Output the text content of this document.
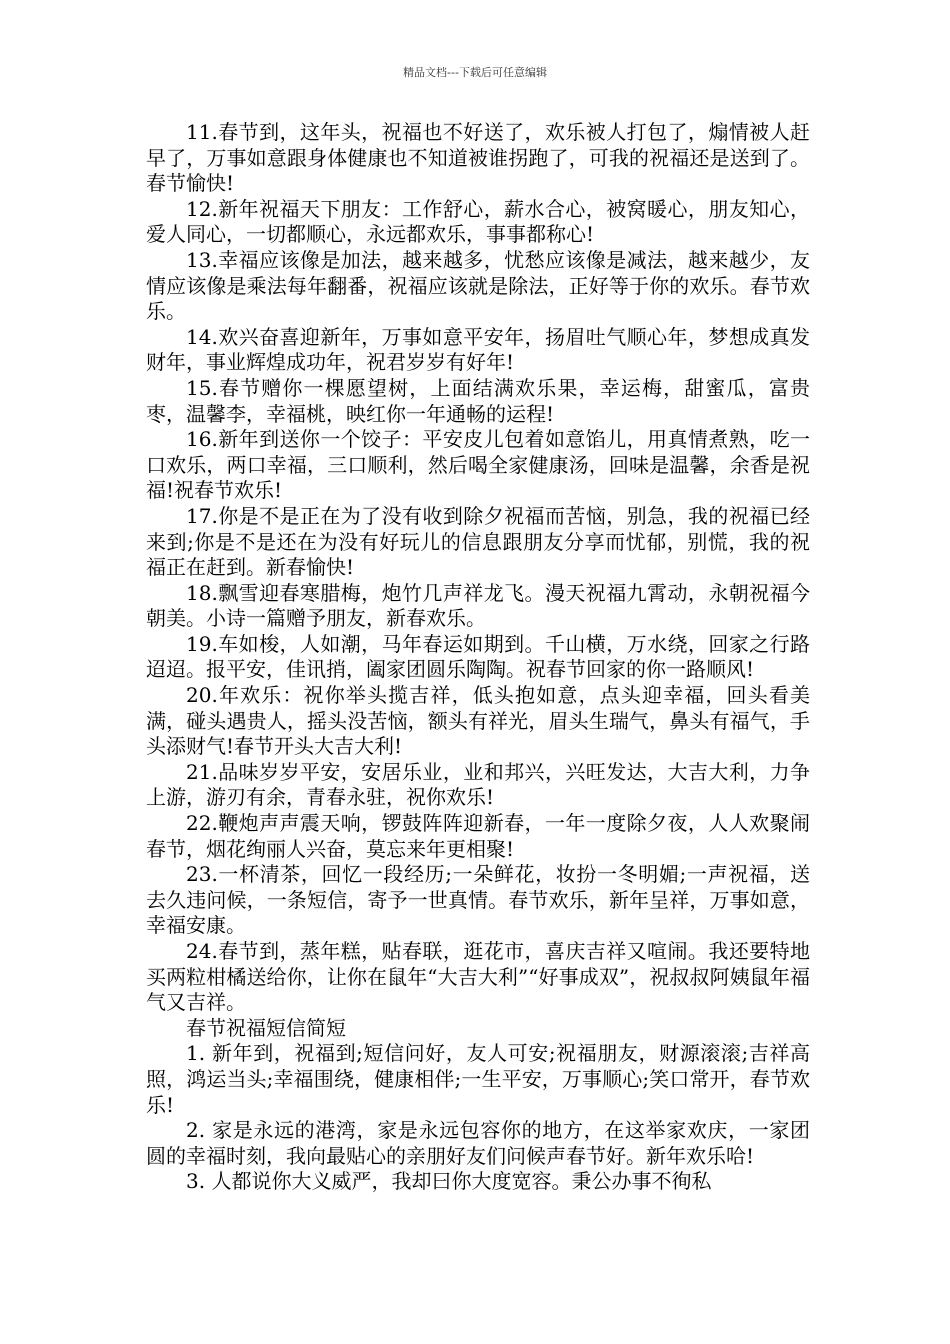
精品文档---下载后可任意编辑

11.春节到，这年头，祝福也不好送了，欢乐被人打包了，煽情被人赶早了，万事如意跟身体健康也不知道被谁拐跑了，可我的祝福还是送到了。春节愉快!

12.新年祝福天下朋友：工作舒心，薪水合心，被窝暖心，朋友知心，爱人同心，一切都顺心，永远都欢乐，事事都称心!

13.幸福应该像是加法，越来越多，忧愁应该像是减法，越来越少，友情应该像是乘法每年翻番，祝福应该就是除法，正好等于你的欢乐。春节欢乐。

14.欢兴奋喜迎新年，万事如意平安年，扬眉吐气顺心年，梦想成真发财年，事业辉煌成功年，祝君岁岁有好年!

15.春节赠你一棵愿望树，上面结满欢乐果，幸运梅，甜蜜瓜，富贵枣，温馨李，幸福桃，映红你一年通畅的运程!

16.新年到送你一个饺子：平安皮儿包着如意馅儿，用真情煮熟，吃一口欢乐，两口幸福，三口顺利，然后喝全家健康汤，回味是温馨，余香是祝福!祝春节欢乐!

17.你是不是正在为了没有收到除夕祝福而苦恼，别急，我的祝福已经来到;你是不是还在为没有好玩儿的信息跟朋友分享而忧郁，别慌，我的祝福正在赶到。新春愉快!

18.飘雪迎春寒腊梅，炮竹几声祥龙飞。漫天祝福九霄动，永朝祝福今朝美。小诗一篇赠予朋友，新春欢乐。

19.车如梭，人如潮，马年春运如期到。千山横，万水绕，回家之行路迢迢。报平安，佳讯捎，阖家团圆乐陶陶。祝春节回家的你一路顺风!

20.年欢乐：祝你举头揽吉祥，低头抱如意，点头迎幸福，回头看美满，碰头遇贵人，摇头没苦恼，额头有祥光，眉头生瑞气，鼻头有福气，手头添财气!春节开头大吉大利!

21.品味岁岁平安，安居乐业，业和邦兴，兴旺发达，大吉大利，力争上游，游刃有余，青春永驻，祝你欢乐!

22.鞭炮声声震天响，锣鼓阵阵迎新春，一年一度除夕夜，人人欢聚闹春节，烟花绚丽人兴奋，莫忘来年更相聚!

23.一杯清茶，回忆一段经历;一朵鲜花，妆扮一冬明媚;一声祝福，送去久违问候，一条短信，寄予一世真情。春节欢乐，新年呈祥，万事如意，幸福安康。

24.春节到，蒸年糕，贴春联，逛花市，喜庆吉祥又喧闹。我还要特地买两粒柑橘送给你，让你在鼠年“大吉大利”“好事成双”，祝叔叔阿姨鼠年福气又吉祥。

春节祝福短信简短

1. 新年到，祝福到;短信问好，友人可安;祝福朋友，财源滚滚;吉祥高照，鸿运当头;幸福围绕，健康相伴;一生平安，万事顺心;笑口常开，春节欢乐!

2. 家是永远的港湾，家是永远包容你的地方，在这举家欢庆，一家团圆的幸福时刻，我向最贴心的亲朋好友们问候声春节好。新年欢乐哈!

3. 人都说你大义威严，我却曰你大度宽容。秉公办事不徇私
